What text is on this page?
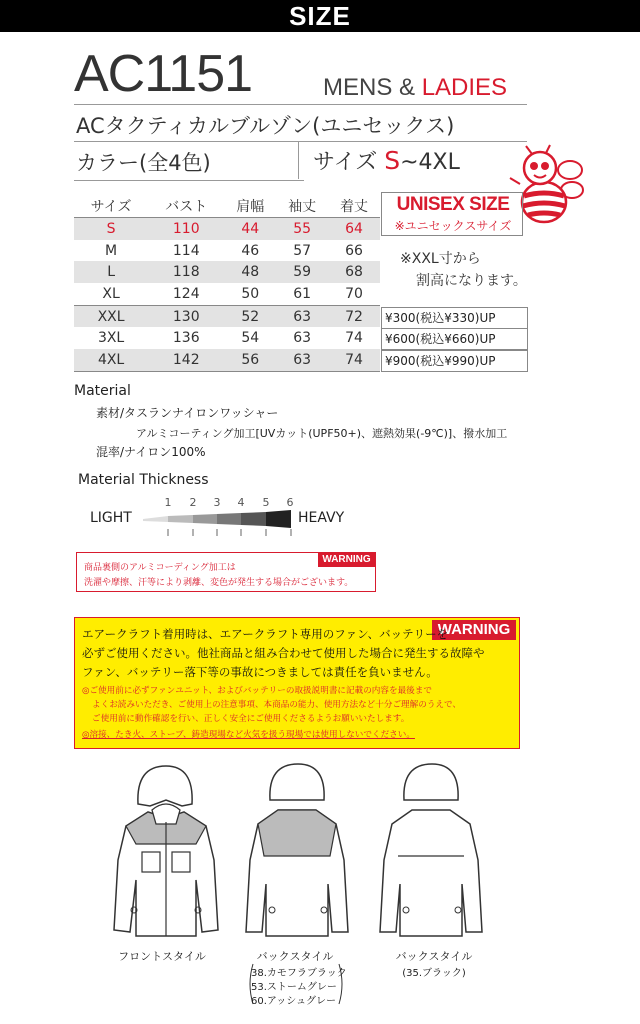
SIZE
AC1151	MENS & LADIES
ACタクティカルブルゾン(ユニセックス)
カラー(全4色)	サイズ S~4XL
サイズ	バスト	肩幅	袖丈	着丈
S	110	44	55	64
M	114	46	57	66
L	118	48	59	68
XL	124	50	61	70
XXL	130	52	63	72
3XL	136	54	63	74
4XL	142	56	63	74
UNISEX SIZE
※ユニセックスサイズ
※XXL寸から
割高になります。
¥300(税込¥330)UP
¥600(税込¥660)UP
¥900(税込¥990)UP
Material
素材/タスランナイロンワッシャー
アルミコーティング加工[UVカット(UPF50+)、遮熱効果(-9℃)]、撥水加工
混率/ナイロン100%
Material Thickness
1 2 3 4 5 6
LIGHT	HEAVY
WARNING
商品裏側のアルミコーディング加工は
洗濯や摩擦、汗等により剥離、変色が発生する場合がございます。
WARNING
エアークラフト着用時は、エアークラフト専用のファン、バッテリーを
必ずご使用ください。他社商品と組み合わせて使用した場合に発生する故障や
ファン、バッテリー落下等の事故につきましては責任を負いません。
◎ご使用前に必ずファンユニット、およびバッテリーの取扱説明書に記載の内容を最後まで
よくお読みいただき、ご使用上の注意事項、本商品の能力、使用方法など十分ご理解のうえで、
ご使用前に動作確認を行い、正しく安全にご使用くださるようお願いいたします。
◎溶接、たき火、ストーブ、鋳造現場など火気を扱う現場では使用しないでください。
フロントスタイル	バックスタイル
38.カモフラブラック
53.ストームグレー
60.アッシュグレー
バックスタイル
(35.ブラック)
